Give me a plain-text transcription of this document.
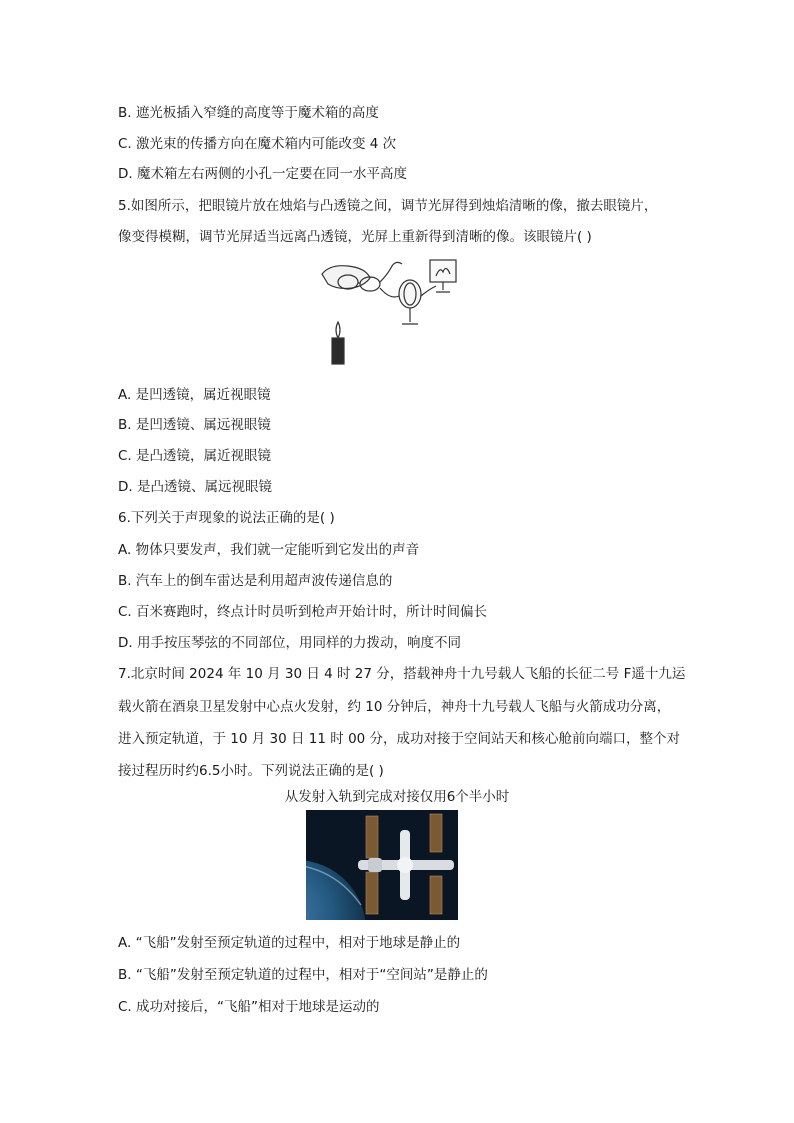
B. 遮光板插入窄缝的高度等于魔术箱的高度
C. 激光束的传播方向在魔术箱内可能改变 4 次
D. 魔术箱左右两侧的小孔一定要在同一水平高度
5.如图所示，把眼镜片放在烛焰与凸透镜之间，调节光屏得到烛焰清晰的像，撤去眼镜片，
像变得模糊，调节光屏适当远离凸透镜，光屏上重新得到清晰的像。该眼镜片( )
A. 是凹透镜，属近视眼镜
B. 是凹透镜、属远视眼镜
C. 是凸透镜，属近视眼镜
D. 是凸透镜、属远视眼镜
6.下列关于声现象的说法正确的是( )
A. 物体只要发声，我们就一定能听到它发出的声音
B. 汽车上的倒车雷达是利用超声波传递信息的
C. 百米赛跑时，终点计时员听到枪声开始计时，所计时间偏长
D. 用手按压琴弦的不同部位，用同样的力拨动，响度不同
7.北京时间 2024 年 10 月 30 日 4 时 27 分，搭载神舟十九号载人飞船的长征二号 F遥十九运
载火箭在酒泉卫星发射中心点火发射，约 10 分钟后，神舟十九号载人飞船与火箭成功分离，
进入预定轨道，于 10 月 30 日 11 时 00 分，成功对接于空间站天和核心舱前向端口，整个对
接过程历时约6.5小时。下列说法正确的是( )
从发射入轨到完成对接仅用6个半小时
A. “飞船”发射至预定轨道的过程中，相对于地球是静止的
B. “飞船”发射至预定轨道的过程中，相对于“空间站”是静止的
C. 成功对接后，“飞船”相对于地球是运动的
